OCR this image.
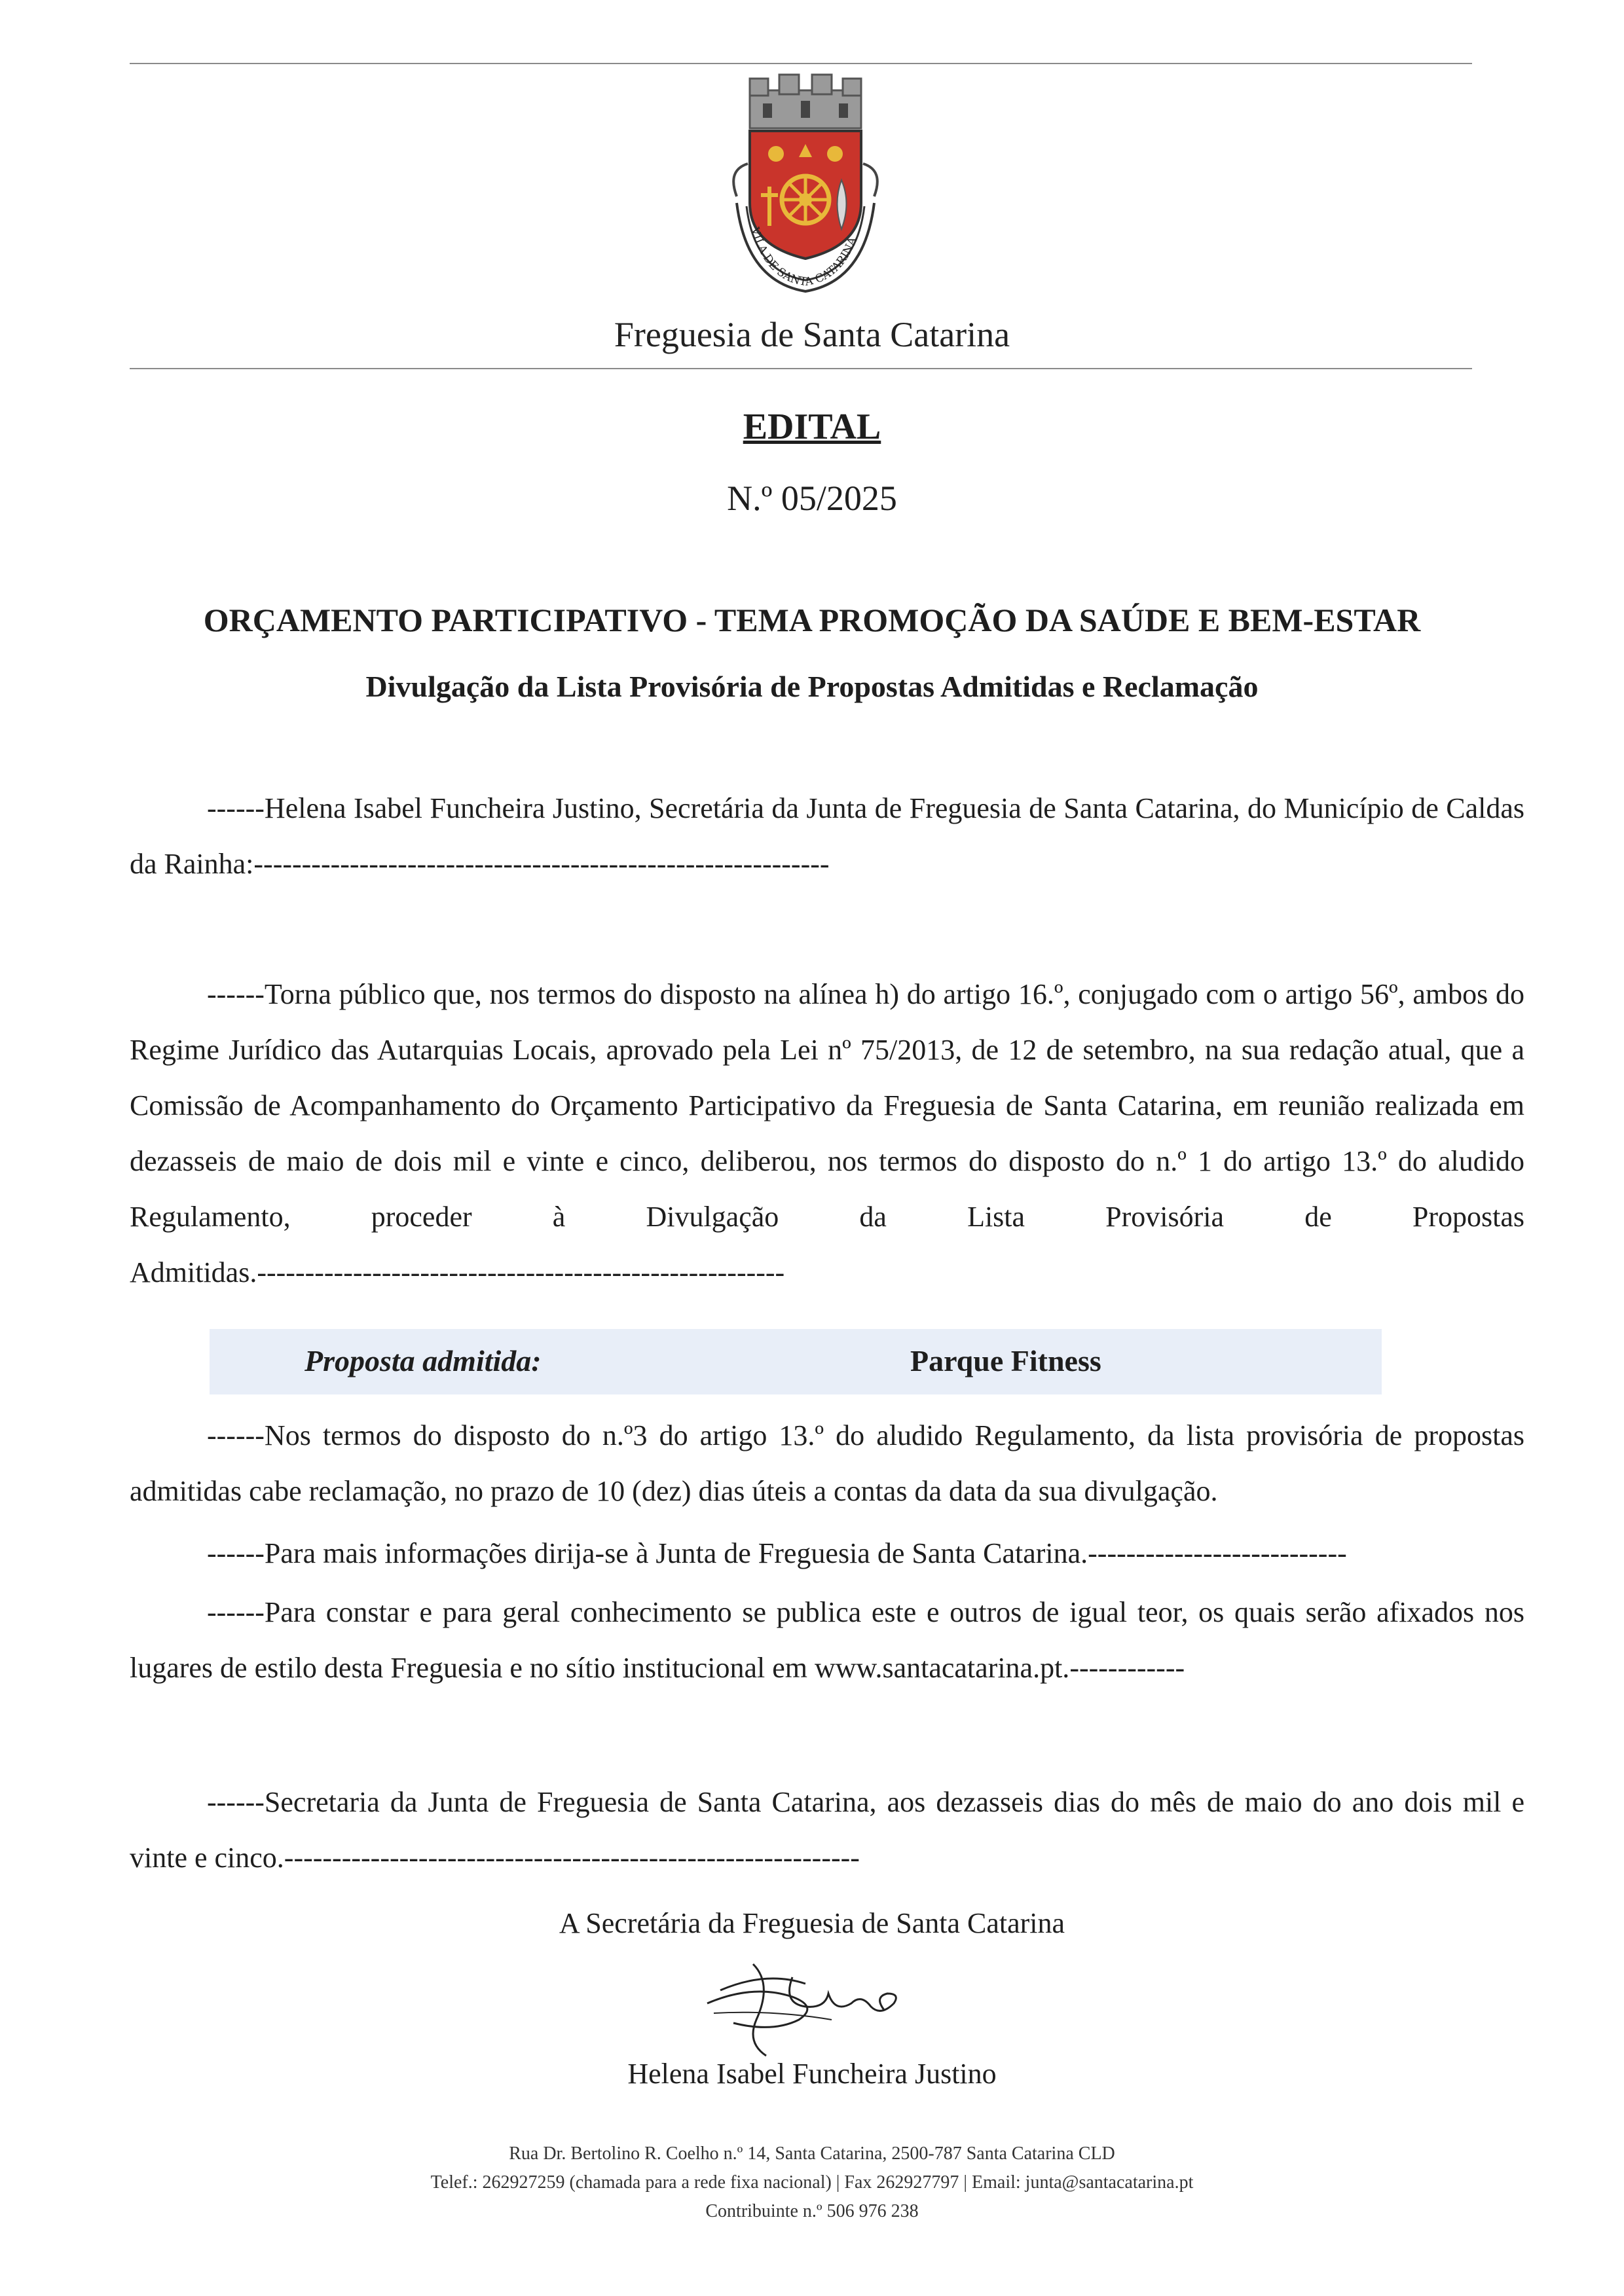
VILA DE SANTA CATARINA
Freguesia de Santa Catarina
EDITAL
N.º 05/2025
ORÇAMENTO PARTICIPATIVO - TEMA PROMOÇÃO DA SAÚDE E BEM-ESTAR
Divulgação da Lista Provisória de Propostas Admitidas e Reclamação
------Helena Isabel Funcheira Justino, Secretária da Junta de Freguesia de Santa Catarina, do Município de Caldas da Rainha:------------------------------------------------------------
------Torna público que, nos termos do disposto na alínea h) do artigo 16.º, conjugado com o artigo 56º, ambos do Regime Jurídico das Autarquias Locais, aprovado pela Lei nº 75/2013, de 12 de setembro, na sua redação atual, que a Comissão de Acompanhamento do Orçamento Participativo da Freguesia de Santa Catarina, em reunião realizada em dezasseis de maio de dois mil e vinte e cinco, deliberou, nos termos do disposto do n.º 1 do artigo 13.º do aludido Regulamento, proceder à Divulgação da Lista Provisória de Propostas Admitidas.-------------------------------------------------------
Proposta admitida:	Parque Fitness
------Nos termos do disposto do n.º3 do artigo 13.º do aludido Regulamento, da lista provisória de propostas admitidas cabe reclamação, no prazo de 10 (dez) dias úteis a contas da data da sua divulgação.
------Para mais informações dirija-se à Junta de Freguesia de Santa Catarina.---------------------------
------Para constar e para geral conhecimento se publica este e outros de igual teor, os quais serão afixados nos lugares de estilo desta Freguesia e no sítio institucional em www.santacatarina.pt.------------
------Secretaria da Junta de Freguesia de Santa Catarina, aos dezasseis dias do mês de maio do ano dois mil e vinte e cinco.------------------------------------------------------------
A Secretária da Freguesia de Santa Catarina
Helena Isabel Funcheira Justino
Rua Dr. Bertolino R. Coelho n.º 14, Santa Catarina, 2500-787 Santa Catarina CLD
Telef.: 262927259 (chamada para a rede fixa nacional) | Fax 262927797 | Email: junta@santacatarina.pt
Contribuinte n.º 506 976 238
